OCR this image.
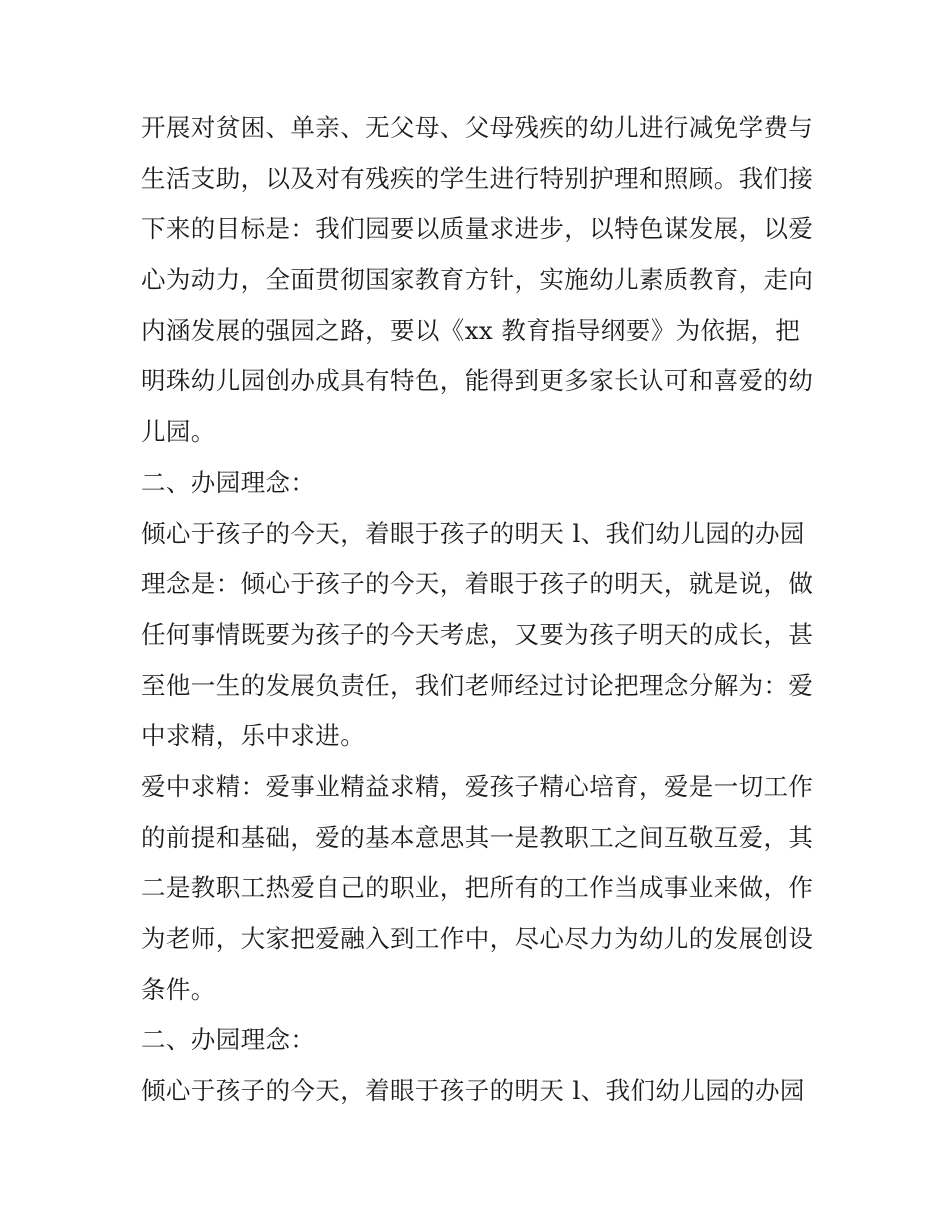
开展对贫困、单亲、无父母、父母残疾的幼儿进行减免学费与
生活支助，以及对有残疾的学生进行特别护理和照顾。我们接
下来的目标是：我们园要以质量求进步，以特色谋发展，以爱
心为动力，全面贯彻国家教育方针，实施幼儿素质教育，走向
内涵发展的强园之路，要以《xx 教育指导纲要》为依据，把
明珠幼儿园创办成具有特色，能得到更多家长认可和喜爱的幼
儿园。
二、办园理念：
倾心于孩子的今天，着眼于孩子的明天 l、我们幼儿园的办园
理念是：倾心于孩子的今天，着眼于孩子的明天，就是说，做
任何事情既要为孩子的今天考虑，又要为孩子明天的成长，甚
至他一生的发展负责任，我们老师经过讨论把理念分解为：爱
中求精，乐中求进。
爱中求精：爱事业精益求精，爱孩子精心培育，爱是一切工作
的前提和基础，爱的基本意思其一是教职工之间互敬互爱，其
二是教职工热爱自己的职业，把所有的工作当成事业来做，作
为老师，大家把爱融入到工作中，尽心尽力为幼儿的发展创设
条件。
二、办园理念：
倾心于孩子的今天，着眼于孩子的明天 l、我们幼儿园的办园
